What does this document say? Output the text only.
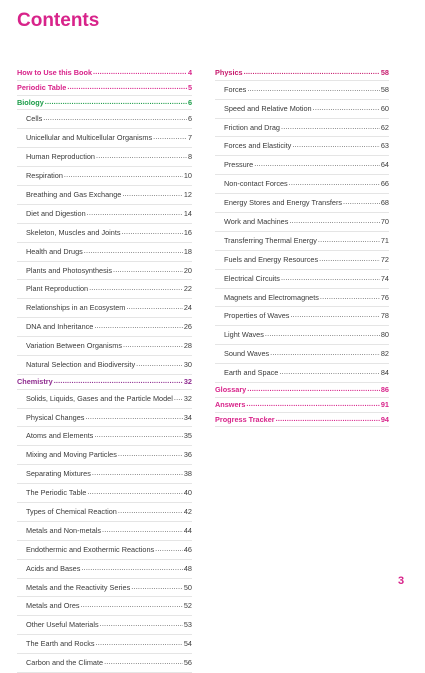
Contents
How to Use this Book .....	4
Periodic Table .....	5
Biology .....	6
Cells .....	6
Unicellular and Multicellular Organisms .....	7
Human Reproduction .....	8
Respiration .....	10
Breathing and Gas Exchange .....	12
Diet and Digestion .....	14
Skeleton, Muscles and Joints .....	16
Health and Drugs .....	18
Plants and Photosynthesis .....	20
Plant Reproduction .....	22
Relationships in an Ecosystem .....	24
DNA and Inheritance .....	26
Variation Between Organisms .....	28
Natural Selection and Biodiversity .....	30
Chemistry .....	32
Solids, Liquids, Gases and the Particle Model ..... 32
Physical Changes .....	34
Atoms and Elements .....	35
Mixing and Moving Particles .....	36
Separating Mixtures .....	38
The Periodic Table .....	40
Types of Chemical Reaction .....	42
Metals and Non-metals .....	44
Endothermic and Exothermic Reactions .....	46
Acids and Bases .....	48
Metals and the Reactivity Series .....	50
Metals and Ores .....	52
Other Useful Materials .....	53
The Earth and Rocks .....	54
Carbon and the Climate .....	56
Physics .....	58
Forces .....	58
Speed and Relative Motion .....	60
Friction and Drag .....	62
Forces and Elasticity .....	63
Pressure .....	64
Non-contact Forces .....	66
Energy Stores and Energy Transfers .....	68
Work and Machines .....	70
Transferring Thermal Energy .....	71
Fuels and Energy Resources .....	72
Electrical Circuits .....	74
Magnets and Electromagnets .....	76
Properties of Waves .....	78
Light Waves .....	80
Sound Waves .....	82
Earth and Space .....	84
Glossary .....	86
Answers .....	91
Progress Tracker .....	94
3
